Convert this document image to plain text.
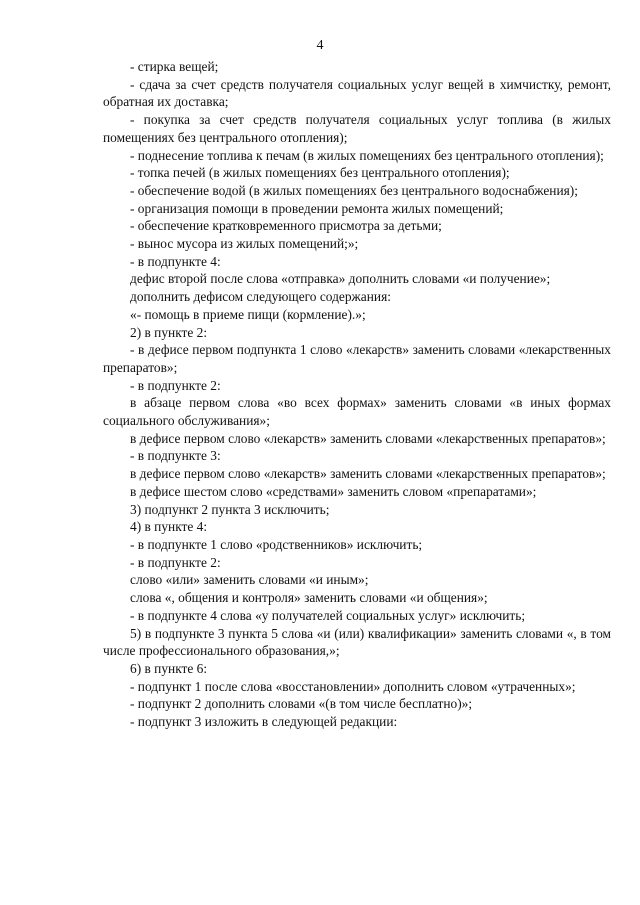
4

- стирка вещей;

- сдача за счет средств получателя социальных услуг вещей в химчистку, ремонт, обратная их доставка;

- покупка за счет средств получателя социальных услуг топлива (в жилых помещениях без центрального отопления);

- поднесение топлива к печам (в жилых помещениях без центрального отопления);

- топка печей (в жилых помещениях без центрального отопления);

- обеспечение водой (в жилых помещениях без центрального водоснабжения);

- организация помощи в проведении ремонта жилых помещений;

- обеспечение кратковременного присмотра за детьми;

- вынос мусора из жилых помещений;»;

- в подпункте 4:

дефис второй после слова «отправка» дополнить словами «и получение»;

дополнить дефисом следующего содержания:

«- помощь в приеме пищи (кормление).»;

2) в пункте 2:

- в дефисе первом подпункта 1 слово «лекарств» заменить словами «лекарственных препаратов»;

- в подпункте 2:

в абзаце первом слова «во всех формах» заменить словами «в иных формах социального обслуживания»;

в дефисе первом слово «лекарств» заменить словами «лекарственных препаратов»;

- в подпункте 3:

в дефисе первом слово «лекарств» заменить словами «лекарственных препаратов»;

в дефисе шестом слово «средствами» заменить словом «препаратами»;

3) подпункт 2 пункта 3 исключить;

4) в пункте 4:

- в подпункте 1 слово «родственников» исключить;

- в подпункте 2:

слово «или» заменить словами «и иным»;

слова «, общения и контроля» заменить словами «и общения»;

- в подпункте 4 слова «у получателей социальных услуг» исключить;

5) в подпункте 3 пункта 5 слова «и (или) квалификации» заменить словами «, в том числе профессионального образования,»;

6) в пункте 6:

- подпункт 1 после слова «восстановлении» дополнить словом «утраченных»;

- подпункт 2 дополнить словами «(в том числе бесплатно)»;

- подпункт 3 изложить в следующей редакции:
